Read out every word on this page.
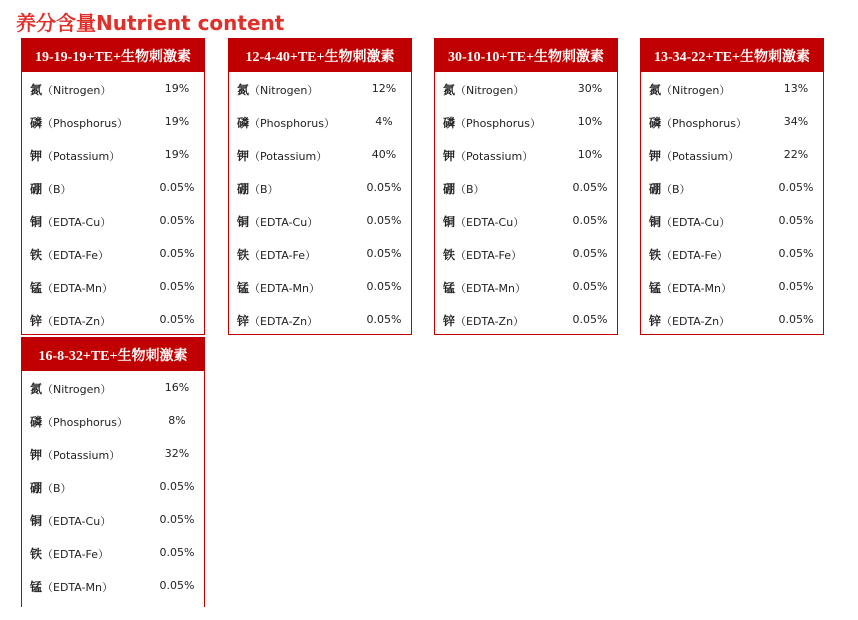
养分含量Nutrient content
19-19-19+TE+生物刺激素
氮（Nitrogen）	19%
磷（Phosphorus）	19%
钾（Potassium）	19%
硼（B）	0.05%
铜（EDTA-Cu）	0.05%
铁（EDTA-Fe）	0.05%
锰（EDTA-Mn）	0.05%
锌（EDTA-Zn）	0.05%
12-4-40+TE+生物刺激素
氮（Nitrogen）	12%
磷（Phosphorus）	4%
钾（Potassium）	40%
硼（B）	0.05%
铜（EDTA-Cu）	0.05%
铁（EDTA-Fe）	0.05%
锰（EDTA-Mn）	0.05%
锌（EDTA-Zn）	0.05%
30-10-10+TE+生物刺激素
氮（Nitrogen）	30%
磷（Phosphorus）	10%
钾（Potassium）	10%
硼（B）	0.05%
铜（EDTA-Cu）	0.05%
铁（EDTA-Fe）	0.05%
锰（EDTA-Mn）	0.05%
锌（EDTA-Zn）	0.05%
13-34-22+TE+生物刺激素
氮（Nitrogen）	13%
磷（Phosphorus）	34%
钾（Potassium）	22%
硼（B）	0.05%
铜（EDTA-Cu）	0.05%
铁（EDTA-Fe）	0.05%
锰（EDTA-Mn）	0.05%
锌（EDTA-Zn）	0.05%
16-8-32+TE+生物刺激素
氮（Nitrogen）	16%
磷（Phosphorus）	8%
钾（Potassium）	32%
硼（B）	0.05%
铜（EDTA-Cu）	0.05%
铁（EDTA-Fe）	0.05%
锰（EDTA-Mn）	0.05%
